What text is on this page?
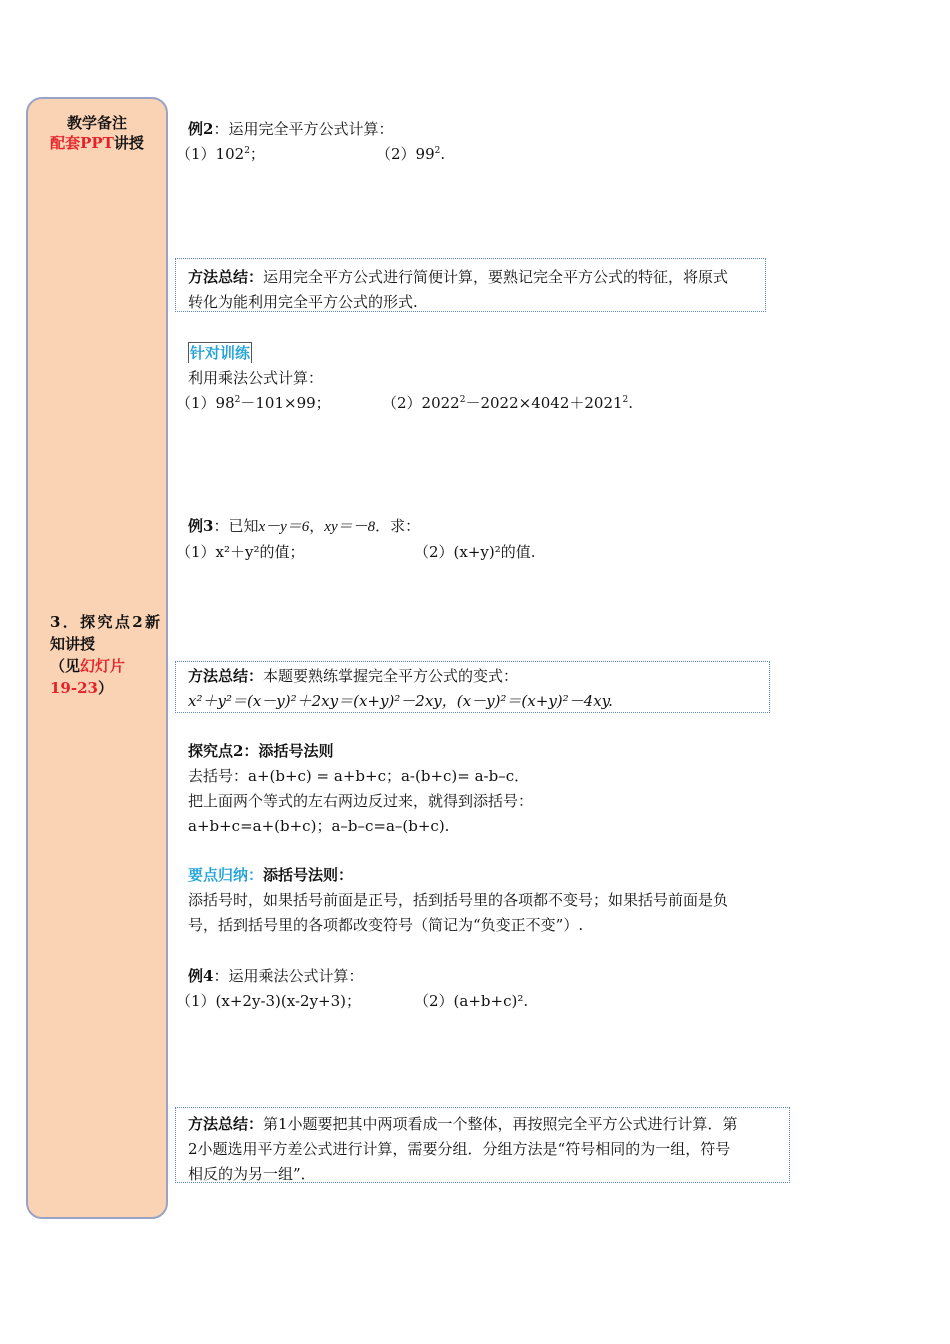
教学备注
配套PPT讲授
3．探究点2新知讲授
（见幻灯片
19-23）
例2：运用完全平方公式计算：
$(1)102^2$；	$(2)99^2$.
方法总结：运用完全平方公式进行简便计算，要熟记完全平方公式的特征，将原式
转化为能利用完全平方公式的形式.
针对训练
利用乘法公式计算：
$(1)98^2-101\times 99$；	$(2)2022^2-2022\times 4042+2021^2$.
例3：已知x－y＝6，xy＝－8．求：
（1）x²＋y²的值；	（2）(x+y)²的值.
方法总结：本题要熟练掌握完全平方公式的变式：
x²＋y²＝(x－y)²＋2xy＝(x+y)²－2xy，(x－y)²＝(x+y)²－4xy.
探究点2：添括号法则
去括号：a+(b+c) = a+b+c；a-(b+c)= a-b–c．
把上面两个等式的左右两边反过来，就得到添括号：
a+b+c=a+(b+c)；a–b–c=a–(b+c).
要点归纳：添括号法则：
添括号时，如果括号前面是正号，括到括号里的各项都不变号；如果括号前面是负
号，括到括号里的各项都改变符号（简记为“负变正不变”）.
例4：运用乘法公式计算：
（1）(x+2y-3)(x-2y+3)；	（2）(a+b+c)².
方法总结：第1小题要把其中两项看成一个整体，再按照完全平方公式进行计算．第
2小题选用平方差公式进行计算，需要分组．分组方法是“符号相同的为一组，符号
相反的为另一组”．
